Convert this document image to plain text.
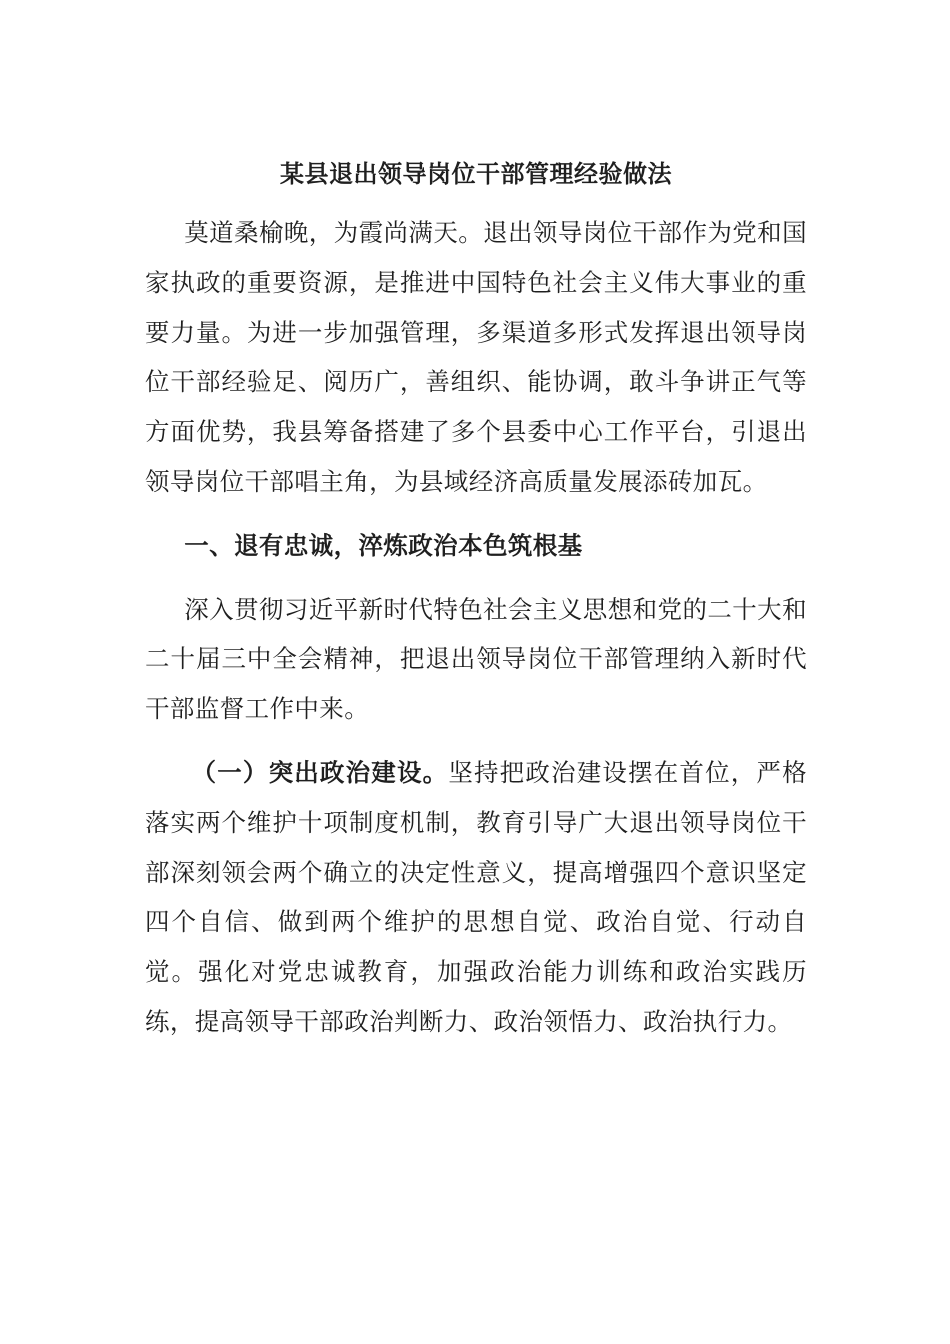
某县退出领导岗位干部管理经验做法

莫道桑榆晚，为霞尚满天。退出领导岗位干部作为党和国家执政的重要资源，是推进中国特色社会主义伟大事业的重要力量。为进一步加强管理，多渠道多形式发挥退出领导岗位干部经验足、阅历广，善组织、能协调，敢斗争讲正气等方面优势，我县筹备搭建了多个县委中心工作平台，引退出领导岗位干部唱主角，为县域经济高质量发展添砖加瓦。

一、退有忠诚，淬炼政治本色筑根基

深入贯彻习近平新时代特色社会主义思想和党的二十大和二十届三中全会精神，把退出领导岗位干部管理纳入新时代干部监督工作中来。

（一）突出政治建设。坚持把政治建设摆在首位，严格落实两个维护十项制度机制，教育引导广大退出领导岗位干部深刻领会两个确立的决定性意义，提高增强四个意识坚定四个自信、做到两个维护的思想自觉、政治自觉、行动自觉。强化对党忠诚教育，加强政治能力训练和政治实践历练，提高领导干部政治判断力、政治领悟力、政治执行力。
